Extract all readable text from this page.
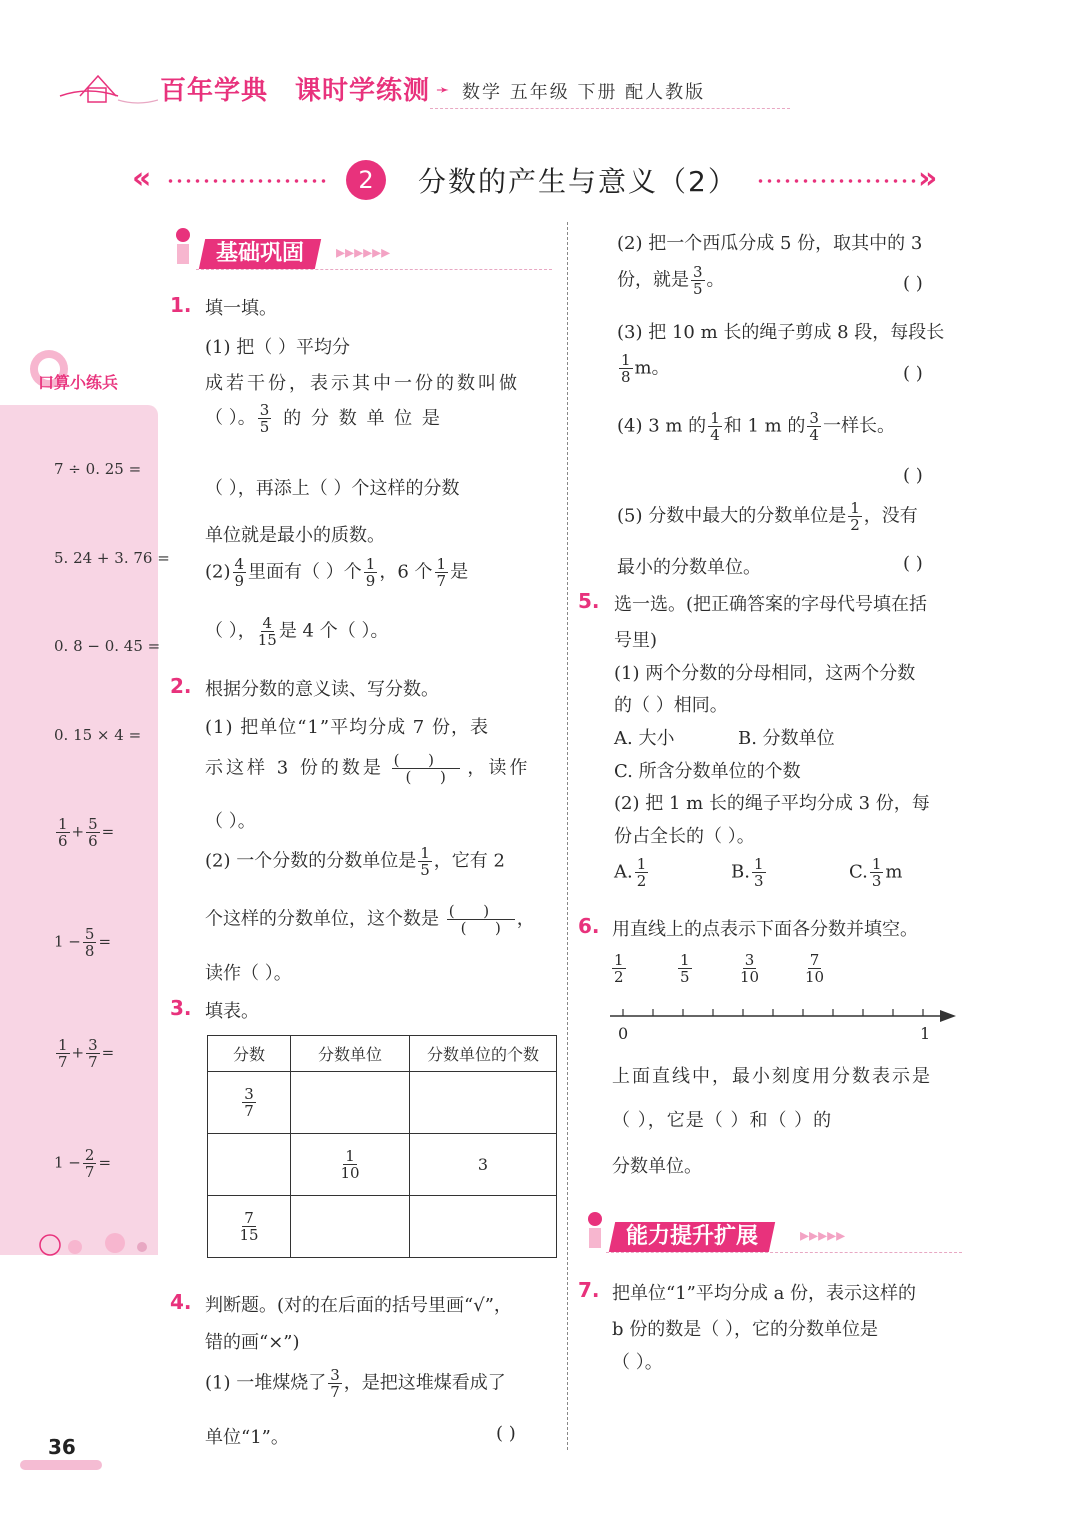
百年学典 课时学练测 ➛ 数学 五年级 下册 配人教版
«	2	分数的产生与意义（2）	»
口算小练兵
7 ÷ 0. 25 =
5. 24 + 3. 76 =
0. 8 − 0. 45 =
0. 15 × 4 =
$\frac{1}{6} + \frac{5}{6}$ =
$1 - \frac{5}{8}$ =
$\frac{1}{7} + \frac{3}{7}$ =
$1 - \frac{2}{7}$ =
36
基础巩固	▸▸▸▸▸▸
1. 填一填。
(1) 把（ ）平均分
成若干份，表示其中一份的数叫做
（ ）。 $\frac{3}{5}$ 的 分 数 单 位 是
（ ），再添上（ ）个这样的分数
单位就是最小的质数。
$(2) \frac{4}{9}$ 里面有（ ）个 $\frac{1}{9}$ ，6 个 $\frac{1}{7}$ 是
（ ）， $\frac{4}{15}$ 是 4 个（ ）。
2. 根据分数的意义读、写分数。
(1) 把单位“1”平均分成 7 份，表
示这样 3 份的数是 $\frac{( )}{( )}$ ，读作
（ ）。
(2) 一个分数的分数单位是 $\frac{1}{5}$ ，它有 2
个这样的分数单位，这个数是 $\frac{( )}{( )}$ ，
读作（ ）。
3. 填表。
分数	分数单位	分数单位的个数

$\frac{3}{7}$

	$\frac{1}{10}$	3

$\frac{7}{15}$

4. 判断题。(对的在后面的括号里画“√”，
错的画“×”)
(1) 一堆煤烧了 $\frac{3}{7}$ ，是把这堆煤看成了
单位“1”。	( )
(2) 把一个西瓜分成 5 份，取其中的 3
份，就是 $\frac{3}{5}$ 。	( )
(3) 把 10 m 长的绳子剪成 8 段，每段长
$\frac{1}{8}$ m。	( )
(4) 3 m 的 $\frac{1}{4}$ 和 1 m 的 $\frac{3}{4}$ 一样长。
( )
(5) 分数中最大的分数单位是 $\frac{1}{2}$ ，没有
最小的分数单位。	( )
5. 选一选。(把正确答案的字母代号填在括
号里)
(1) 两个分数的分母相同，这两个分数
的（ ）相同。
A. 大小	B. 分数单位
C. 所含分数单位的个数
(2) 把 1 m 长的绳子平均分成 3 份，每
份占全长的（ ）。
A. $\frac{1}{2}$	B. $\frac{1}{3}$	C. $\frac{1}{3}$ m
6. 用直线上的点表示下面各分数并填空。
$\frac{1}{2}$	$\frac{1}{5}$	$\frac{3}{10}$	$\frac{7}{10}$
0	1
上面直线中，最小刻度用分数表示是
（ ），它是（ ）和（ ）的
分数单位。
能力提升扩展	▸▸▸▸▸
7. 把单位“1”平均分成 a 份，表示这样的
b 份的数是（ ），它的分数单位是
（ ）。
